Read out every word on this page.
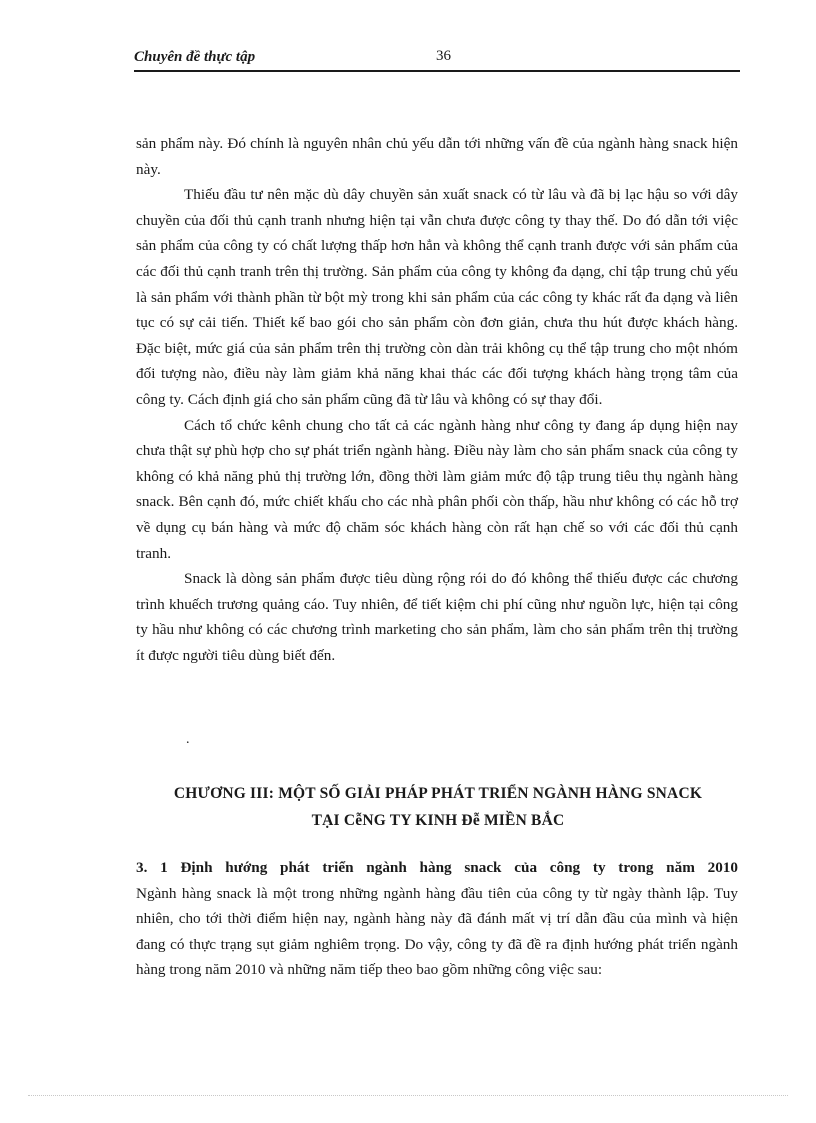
Chuyên đề thực tập	36

sản phẩm này. Đó chính là nguyên nhân chủ yếu dẫn tới những vấn đề của ngành hàng snack hiện này.

Thiếu đầu tư nên mặc dù dây chuyền sản xuất snack có từ lâu và đã bị lạc hậu so với dây chuyền của đối thủ cạnh tranh nhưng hiện tại vẫn chưa được công ty thay thế. Do đó dẫn tới việc sản phẩm của công ty có chất lượng thấp hơn hẳn và không thể cạnh tranh được với sản phẩm của các đối thủ cạnh tranh trên thị trường. Sản phẩm của công ty không đa dạng, chỉ tập trung chủ yếu là sản phẩm với thành phần từ bột mỳ trong khi sản phẩm của các công ty khác rất đa dạng và liên tục có sự cải tiến. Thiết kế bao gói cho sản phẩm còn đơn giản, chưa thu hút được khách hàng. Đặc biệt, mức giá của sản phẩm trên thị trường còn dàn trải không cụ thể tập trung cho một nhóm đối tượng nào, điều này làm giảm khả năng khai thác các đối tượng khách hàng trọng tâm của công ty. Cách định giá cho sản phẩm cũng đã từ lâu và không có sự thay đổi.

Cách tổ chức kênh chung cho tất cả các ngành hàng như công ty đang áp dụng hiện nay chưa thật sự phù hợp cho sự phát triển ngành hàng. Điều này làm cho sản phẩm snack của công ty không có khả năng phủ thị trường lớn, đồng thời làm giảm mức độ tập trung tiêu thụ ngành hàng snack. Bên cạnh đó, mức chiết khấu cho các nhà phân phối còn thấp, hầu như không có các hỗ trợ về dụng cụ bán hàng và mức độ chăm sóc khách hàng còn rất hạn chế so với các đối thủ cạnh tranh.

Snack là dòng sản phẩm được tiêu dùng rộng rói do đó không thể thiếu được các chương trình khuếch trương quảng cáo. Tuy nhiên, để tiết kiệm chi phí cũng như nguồn lực, hiện tại công ty hầu như không có các chương trình marketing cho sản phẩm, làm cho sản phẩm trên thị trường ít được người tiêu dùng biết đến.

.
CHƯƠNG III: MỘT SỐ GIẢI PHÁP PHÁT TRIỂN NGÀNH HÀNG SNACK
TẠI CễNG TY KINH Đễ MIỀN BẮC
3. 1 Định hướng phát triển ngành hàng snack của công ty trong năm 2010
Ngành hàng snack là một trong những ngành hàng đầu tiên của công ty từ ngày thành lập. Tuy nhiên, cho tới thời điểm hiện nay, ngành hàng này đã đánh mất vị trí dẫn đầu của mình và hiện đang có thực trạng sụt giảm nghiêm trọng. Do vậy, công ty đã đề ra định hướng phát triển ngành hàng trong năm 2010 và những năm tiếp theo bao gồm những công việc sau:
